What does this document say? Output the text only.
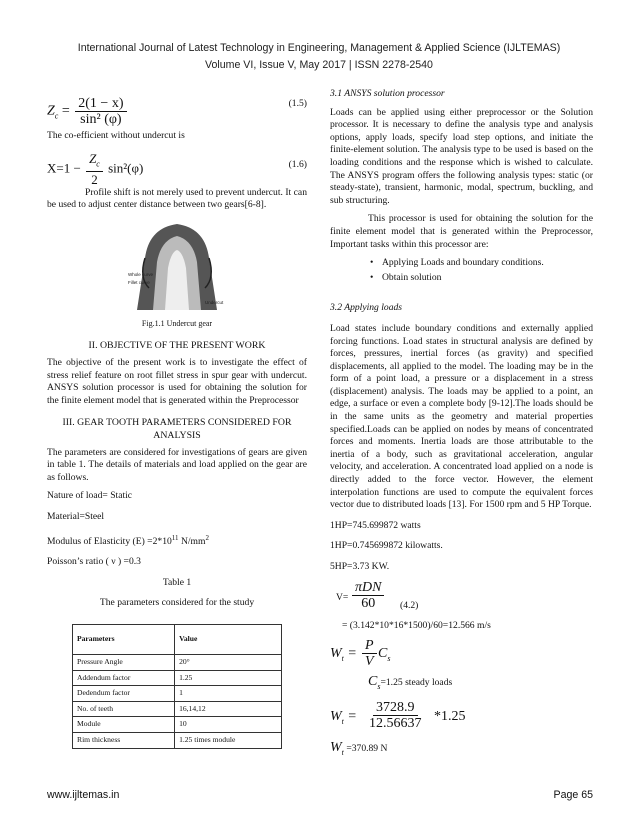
International Journal of Latest Technology in Engineering, Management & Applied Science (IJLTEMAS)
Volume VI, Issue V, May 2017 | ISSN 2278-2540
$Z_c = \frac{2(1 - x)}{\text{sin² (φ)}}$	(1.5)
The co-efficient without undercut is
$X=1 - \frac{Z_c}{2} \sin^2(\varphi)$	(1.6)

Profile shift is not merely used to prevent undercut. It can be used to adjust center distance between two gears[6-8].

Whole curve
Fillet curve
Undercut
Fig.1.1 Undercut gear
II. OBJECTIVE OF THE PRESENT WORK

The objective of the present work is to investigate the effect of stress relief feature on root fillet stress in spur gear with undercut. ANSYS solution processor is used for obtaining the solution for the finite element model that is generated within the Preprocessor

III. GEAR TOOTH PARAMETERS CONSIDERED FOR ANALYSIS

The parameters are considered for investigations of gears are given in table 1. The details of materials and load applied on the gear are as follows.

Nature of load= Static

Material=Steel

Modulus of Elasticity $(E) =2*10^{11}$ $N/mm^2$

Poisson’s ratio ( ν ) =0.3

Table 1

The parameters considered for the study

Parameters	Value
Pressure Angle	20°
Addendum factor	1.25
Dedendum factor	1
No. of teeth	16,14,12
Module	10
Rim thickness	1.25 times module

3.1 ANSYS solution processor

Loads can be applied using either preprocessor or the Solution processor. It is necessary to define the analysis type and analysis options, apply loads, specify load step options, and initiate the finite-element solution. The analysis type to be used is based on the loading conditions and the response which is wished to calculate. The ANSYS program offers the following analysis types: static (or steady-state), transient, harmonic, modal, spectrum, buckling, and sub structuring.

This processor is used for obtaining the solution for the finite element model that is generated within the Preprocessor, Important tasks within this processor are:

• Applying Loads and boundary conditions.
• Obtain solution

3.2 Applying loads

Load states include boundary conditions and externally applied forcing functions. Load states in structural analysis are defined by forces, pressures, inertial forces (as gravity) and specified displacements, all applied to the model. The loading may be in the form of a point load, a pressure or a displacement in a stress (displacement) analysis. The loads may be applied to a point, an edge, a surface or even a complete body [9-12].The loads should be in the same units as the geometry and material properties specified.Loads can be applied on nodes by means of concentrated forces and moments. Inertia loads are those attributable to the inertia of a body, such as gravitational acceleration, angular velocity, and acceleration. A concentrated load applied on a node is directly added to the force vector. However, the element interpolation functions are used to compute the equivalent forces vector due to distributed loads [13]. For 1500 rpm and 5 HP Torque.

1HP=745.699872 watts

1HP=0.745699872 kilowatts.

5HP=3.73 KW.

V=
πDN
60	(4.2)

= (3.142*10*16*1500)/60=12.566 m/s

$W_t = \frac{P}{V} C_s$
$C_s=1.25$ steady loads
$W_t = \frac{3728.9}{12.56637} *1.25$
$W_t =370.89$ N
www.ijltemas.in	Page 65
